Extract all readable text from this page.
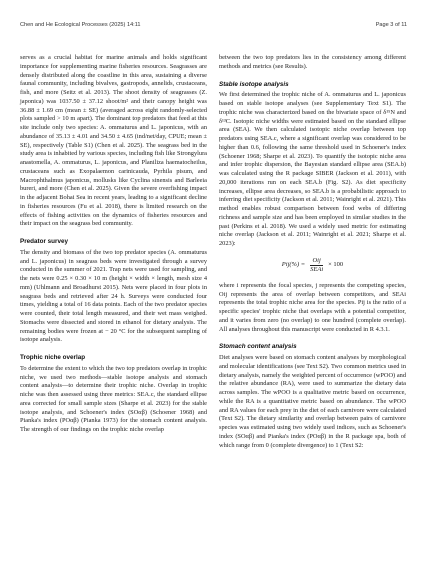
Chen and He Ecological Processes (2025) 14:11	Page 3 of 11

serves as a crucial habitat for marine animals and holds significant importance for supplementing marine fisheries resources. Seagrasses are densely distributed along the coastline in this area, sustaining a diverse faunal community, including bivalves, gastropods, annelids, crustaceans, fish, and more (Seitz et al. 2013). The shoot density of seagrasses (Z. japonica) was 1037.50 ± 37.12 shoot/m² and their canopy height was 36.88 ± 1.69 cm (mean ± SE) (averaged across eight randomly-selected plots sampled > 10 m apart). The dominant top predators that feed at this site include only two species: A. ommaturus and L. japonicus, with an abundance of 35.13 ± 4.01 and 34.50 ± 4.65 (ind/net/day, CPUE; mean ± SE), respectively (Table S1) (Chen et al. 2025). The seagrass bed in the study area is inhabited by various species, including fish like Strongylura anastomella, A. ommaturus, L. japonicus, and Planiliza haematocheilus, crustaceans such as Exopalaemon carinicauda, Pyrhila pisum, and Macrophthalmus japonicus, mollusks like Cyclina sinensis and Barleeia bureri, and more (Chen et al. 2025). Given the severe overfishing impact in the adjacent Bohai Sea in recent years, leading to a significant decline in fisheries resources (Fu et al. 2018), there is limited research on the effects of fishing activities on the dynamics of fisheries resources and their impact on the seagrass bed community.

Predator survey

The density and biomass of the two top predator species (A. ommaturus and L. japonicus) in seagrass beds were investigated through a survey conducted in the summer of 2021. Trap nets were used for sampling, and the nets were 0.25 × 0.30 × 10 m (height × width × length, mesh size 4 mm) (Uhlmann and Broadhurst 2015). Nets were placed in four plots in seagrass beds and retrieved after 24 h. Surveys were conducted four times, yielding a total of 16 data points. Each of the two predator species were counted, their total length measured, and their wet mass weighed. Stomachs were dissected and stored in ethanol for dietary analysis. The remaining bodies were frozen at − 20 °C for the subsequent sampling of isotope analysis.

Trophic niche overlap

To determine the extent to which the two top predators overlap in trophic niche, we used two methods—stable isotope analysis and stomach content analysis—to determine their trophic niche. Overlap in trophic niche was then assessed using three metrics: SEA.c, the standard ellipse area corrected for small sample sizes (Sharpe et al. 2023) for the stable isotope analysis, and Schoener's index (SOαβ) (Schoener 1968) and Pianka's index (POαβ) (Pianka 1973) for the stomach content analysis. The strength of our findings on the trophic niche overlap

between the two top predators lies in the consistency among different methods and metrics (see Results).

Stable isotope analysis

We first determined the trophic niche of A. ommaturus and L. japonicus based on stable isotope analyses (see Supplementary Text S1). The trophic niche was characterized based on the bivariate space of δ¹⁵N and δ¹³C. Isotopic niche widths were estimated based on the standard ellipse area (SEA). We then calculated isotopic niche overlap between top predators using SEA.c, where a significant overlap was considered to be higher than 0.6, following the same threshold used in Schoener's index (Schoener 1968; Sharpe et al. 2023). To quantify the isotopic niche area and infer trophic dispersion, the Bayesian standard ellipse area (SEA.b) was calculated using the R package SIBER (Jackson et al. 2011), with 20,000 iterations run on each SEA.b (Fig. S2). As diet specificity increases, ellipse area decreases, so SEA.b is a probabilistic approach to inferring diet specificity (Jackson et al. 2011; Wainright et al. 2021). This method enables robust comparison between food webs of differing richness and sample size and has been employed in similar studies in the past (Perkins et al. 2018). We used a widely used metric for estimating niche overlap (Jackson et al. 2011; Wainright et al. 2021; Sharpe et al. 2023):

$Pij(\%) = \frac{\text{Oij}}{\text{SEAi}} \times 100$

where i represents the focal species, j represents the competing species, Oij represents the area of overlap between competitors, and SEAi represents the total trophic niche area for the species. Pij is the ratio of a specific species' trophic niche that overlaps with a potential competitor, and it varies from zero (no overlap) to one hundred (complete overlap). All analyses throughout this manuscript were conducted in R 4.3.1.

Stomach content analysis

Diet analyses were based on stomach content analyses by morphological and molecular identifications (see Text S2). Two common metrics used in dietary analysis, namely the weighted percent of occurrence (wPOO) and the relative abundance (RA), were used to summarize the dietary data across samples. The wPOO is a qualitative metric based on occurrence, while the RA is a quantitative metric based on abundance. The wPOO and RA values for each prey in the diet of each carnivore were calculated (Text S2). The dietary similarity and overlap between pairs of carnivore species was estimated using two widely used indices, such as Schoener's index (SOαβ) and Pianka's index (POαβ) in the R package spa, both of which range from 0 (complete divergence) to 1 (Text S2:
